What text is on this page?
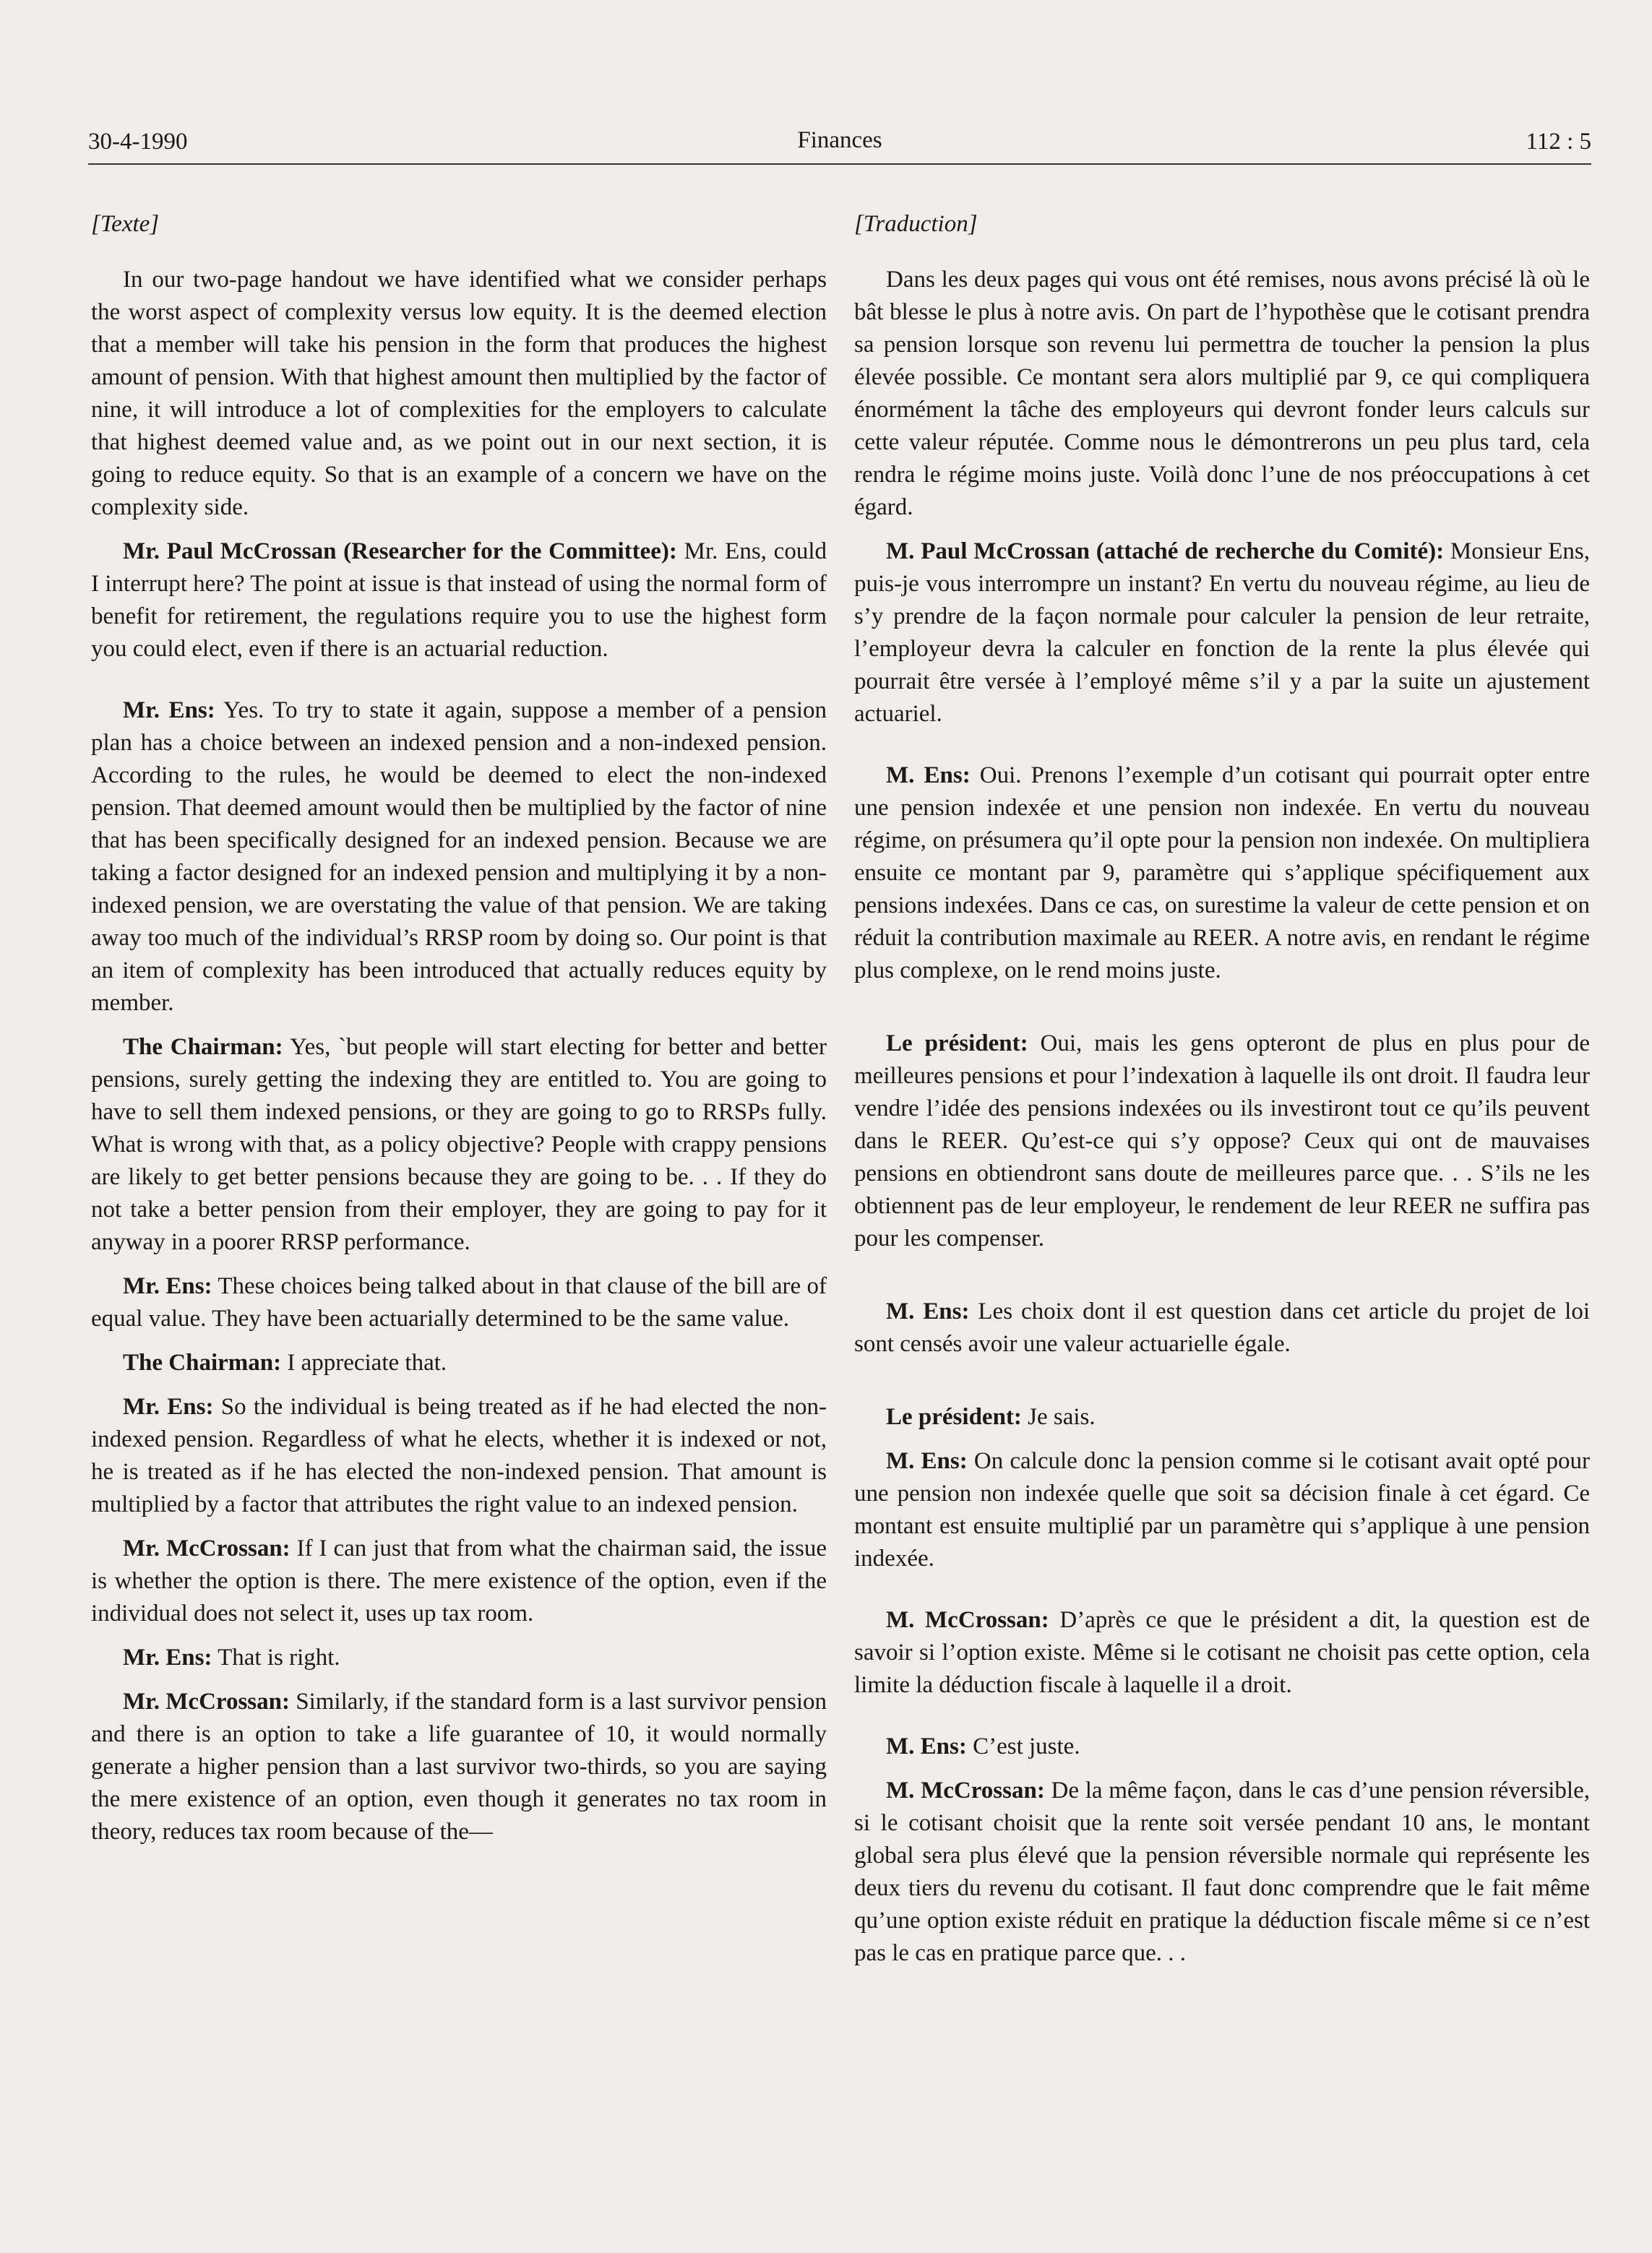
30-4-1990	Finances	112 : 5
[Texte]

In our two-page handout we have identified what we consider perhaps the worst aspect of complexity versus low equity. It is the deemed election that a member will take his pension in the form that produces the highest amount of pension. With that highest amount then multiplied by the factor of nine, it will introduce a lot of complexities for the employers to calculate that highest deemed value and, as we point out in our next section, it is going to reduce equity. So that is an example of a concern we have on the complexity side.

Mr. Paul McCrossan (Researcher for the Committee): Mr. Ens, could I interrupt here? The point at issue is that instead of using the normal form of benefit for retirement, the regulations require you to use the highest form you could elect, even if there is an actuarial reduction.

Mr. Ens: Yes. To try to state it again, suppose a member of a pension plan has a choice between an indexed pension and a non-indexed pension. According to the rules, he would be deemed to elect the non-indexed pension. That deemed amount would then be multiplied by the factor of nine that has been specifically designed for an indexed pension. Because we are taking a factor designed for an indexed pension and multiplying it by a non-indexed pension, we are overstating the value of that pension. We are taking away too much of the individual’s RRSP room by doing so. Our point is that an item of complexity has been introduced that actually reduces equity by member.

The Chairman: Yes, `but people will start electing for better and better pensions, surely getting the indexing they are entitled to. You are going to have to sell them indexed pensions, or they are going to go to RRSPs fully. What is wrong with that, as a policy objective? People with crappy pensions are likely to get better pensions because they are going to be. . . If they do not take a better pension from their employer, they are going to pay for it anyway in a poorer RRSP performance.

Mr. Ens: These choices being talked about in that clause of the bill are of equal value. They have been actuarially determined to be the same value.

The Chairman: I appreciate that.

Mr. Ens: So the individual is being treated as if he had elected the non-indexed pension. Regardless of what he elects, whether it is indexed or not, he is treated as if he has elected the non-indexed pension. That amount is multiplied by a factor that attributes the right value to an indexed pension.

Mr. McCrossan: If I can just that from what the chairman said, the issue is whether the option is there. The mere existence of the option, even if the individual does not select it, uses up tax room.

Mr. Ens: That is right.

Mr. McCrossan: Similarly, if the standard form is a last survivor pension and there is an option to take a life guarantee of 10, it would normally generate a higher pension than a last survivor two-thirds, so you are saying the mere existence of an option, even though it generates no tax room in theory, reduces tax room because of the—

[Traduction]

Dans les deux pages qui vous ont été remises, nous avons précisé là où le bât blesse le plus à notre avis. On part de l’hypothèse que le cotisant prendra sa pension lorsque son revenu lui permettra de toucher la pension la plus élevée possible. Ce montant sera alors multiplié par 9, ce qui compliquera énormément la tâche des employeurs qui devront fonder leurs calculs sur cette valeur réputée. Comme nous le démontrerons un peu plus tard, cela rendra le régime moins juste. Voilà donc l’une de nos préoccupations à cet égard.

M. Paul McCrossan (attaché de recherche du Comité): Monsieur Ens, puis-je vous interrompre un instant? En vertu du nouveau régime, au lieu de s’y prendre de la façon normale pour calculer la pension de leur retraite, l’employeur devra la calculer en fonction de la rente la plus élevée qui pourrait être versée à l’employé même s’il y a par la suite un ajustement actuariel.

M. Ens: Oui. Prenons l’exemple d’un cotisant qui pourrait opter entre une pension indexée et une pension non indexée. En vertu du nouveau régime, on présumera qu’il opte pour la pension non indexée. On multipliera ensuite ce montant par 9, paramètre qui s’applique spécifiquement aux pensions indexées. Dans ce cas, on surestime la valeur de cette pension et on réduit la contribution maximale au REER. A notre avis, en rendant le régime plus complexe, on le rend moins juste.

Le président: Oui, mais les gens opteront de plus en plus pour de meilleures pensions et pour l’indexation à laquelle ils ont droit. Il faudra leur vendre l’idée des pensions indexées ou ils investiront tout ce qu’ils peuvent dans le REER. Qu’est-ce qui s’y oppose? Ceux qui ont de mauvaises pensions en obtiendront sans doute de meilleures parce que. . . S’ils ne les obtiennent pas de leur employeur, le rendement de leur REER ne suffira pas pour les compenser.

M. Ens: Les choix dont il est question dans cet article du projet de loi sont censés avoir une valeur actuarielle égale.

Le président: Je sais.

M. Ens: On calcule donc la pension comme si le cotisant avait opté pour une pension non indexée quelle que soit sa décision finale à cet égard. Ce montant est ensuite multiplié par un paramètre qui s’applique à une pension indexée.

M. McCrossan: D’après ce que le président a dit, la question est de savoir si l’option existe. Même si le cotisant ne choisit pas cette option, cela limite la déduction fiscale à laquelle il a droit.

M. Ens: C’est juste.

M. McCrossan: De la même façon, dans le cas d’une pension réversible, si le cotisant choisit que la rente soit versée pendant 10 ans, le montant global sera plus élevé que la pension réversible normale qui représente les deux tiers du revenu du cotisant. Il faut donc comprendre que le fait même qu’une option existe réduit en pratique la déduction fiscale même si ce n’est pas le cas en pratique parce que. . .
